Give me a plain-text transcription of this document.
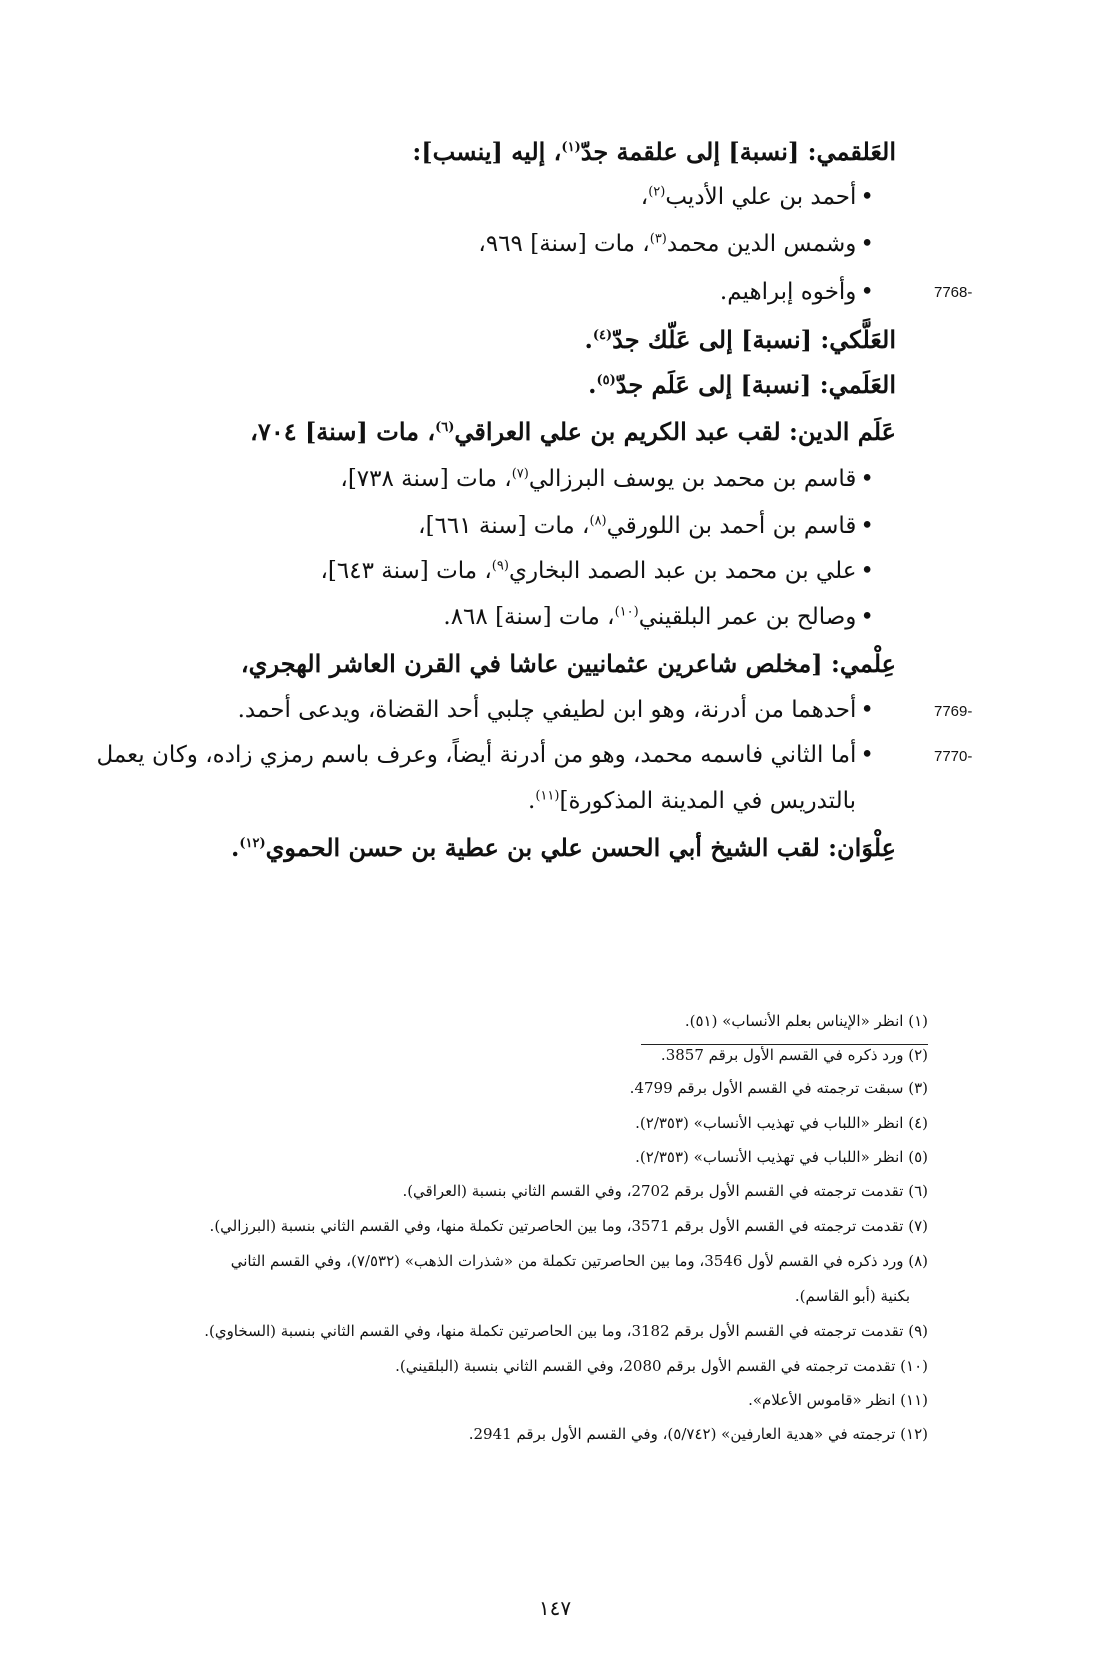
العَلقمي: [نسبة] إلى علقمة جدّ$^{(١)}$، إليه [ينسب]:
•أحمد بن علي الأديب$^{(٢)}$،
•وشمس الدين محمد$^{(٣)}$، مات [سنة] ٩٦٩،
7768-
•وأخوه إبراهيم.
العَلَّكي: [نسبة] إلى عَلّك جدّ$^{(٤)}$.
العَلَمي: [نسبة] إلى عَلَم جدّ$^{(٥)}$.
عَلَم الدين: لقب عبد الكريم بن علي العراقي$^{(٦)}$، مات [سنة] ٧٠٤،
•قاسم بن محمد بن يوسف البرزالي$^{(٧)}$، مات [سنة ٧٣٨]،
•قاسم بن أحمد بن اللورقي$^{(٨)}$، مات [سنة ٦٦١]،
•علي بن محمد بن عبد الصمد البخاري$^{(٩)}$، مات [سنة ٦٤٣]،
•وصالح بن عمر البلقيني$^{(١٠)}$، مات [سنة] ٨٦٨.
عِلْمي: [مخلص شاعرين عثمانيين عاشا في القرن العاشر الهجري،
7769-
•أحدهما من أدرنة، وهو ابن لطيفي چلبي أحد القضاة، ويدعى أحمد.
7770-
•أما الثاني فاسمه محمد، وهو من أدرنة أيضاً، وعرف باسم رمزي زاده، وكان يعمل
بالتدريس في المدينة المذكورة]$^{(١١)}$.
عِلْوَان: لقب الشيخ أبي الحسن علي بن عطية بن حسن الحموي$^{(١٢)}$.
(١) انظر «الإيناس بعلم الأنساب» (٥١).
(٢) ورد ذكره في القسم الأول برقم 3857.
(٣) سبقت ترجمته في القسم الأول برقم 4799.
(٤) انظر «اللباب في تهذيب الأنساب» (٢/٣٥٣).
(٥) انظر «اللباب في تهذيب الأنساب» (٢/٣٥٣).
(٦) تقدمت ترجمته في القسم الأول برقم 2702، وفي القسم الثاني بنسبة (العراقي).
(٧) تقدمت ترجمته في القسم الأول برقم 3571، وما بين الحاصرتين تكملة منها، وفي القسم الثاني بنسبة (البرزالي).
(٨) ورد ذكره في القسم لأول 3546، وما بين الحاصرتين تكملة من «شذرات الذهب» (٧/٥٣٢)، وفي القسم الثاني
بكنية (أبو القاسم).
(٩) تقدمت ترجمته في القسم الأول برقم 3182، وما بين الحاصرتين تكملة منها، وفي القسم الثاني بنسبة (السخاوي).
(١٠) تقدمت ترجمته في القسم الأول برقم 2080، وفي القسم الثاني بنسبة (البلقيني).
(١١) انظر «قاموس الأعلام».
(١٢) ترجمته في «هدية العارفين» (٥/٧٤٢)، وفي القسم الأول برقم 2941.
١٤٧
